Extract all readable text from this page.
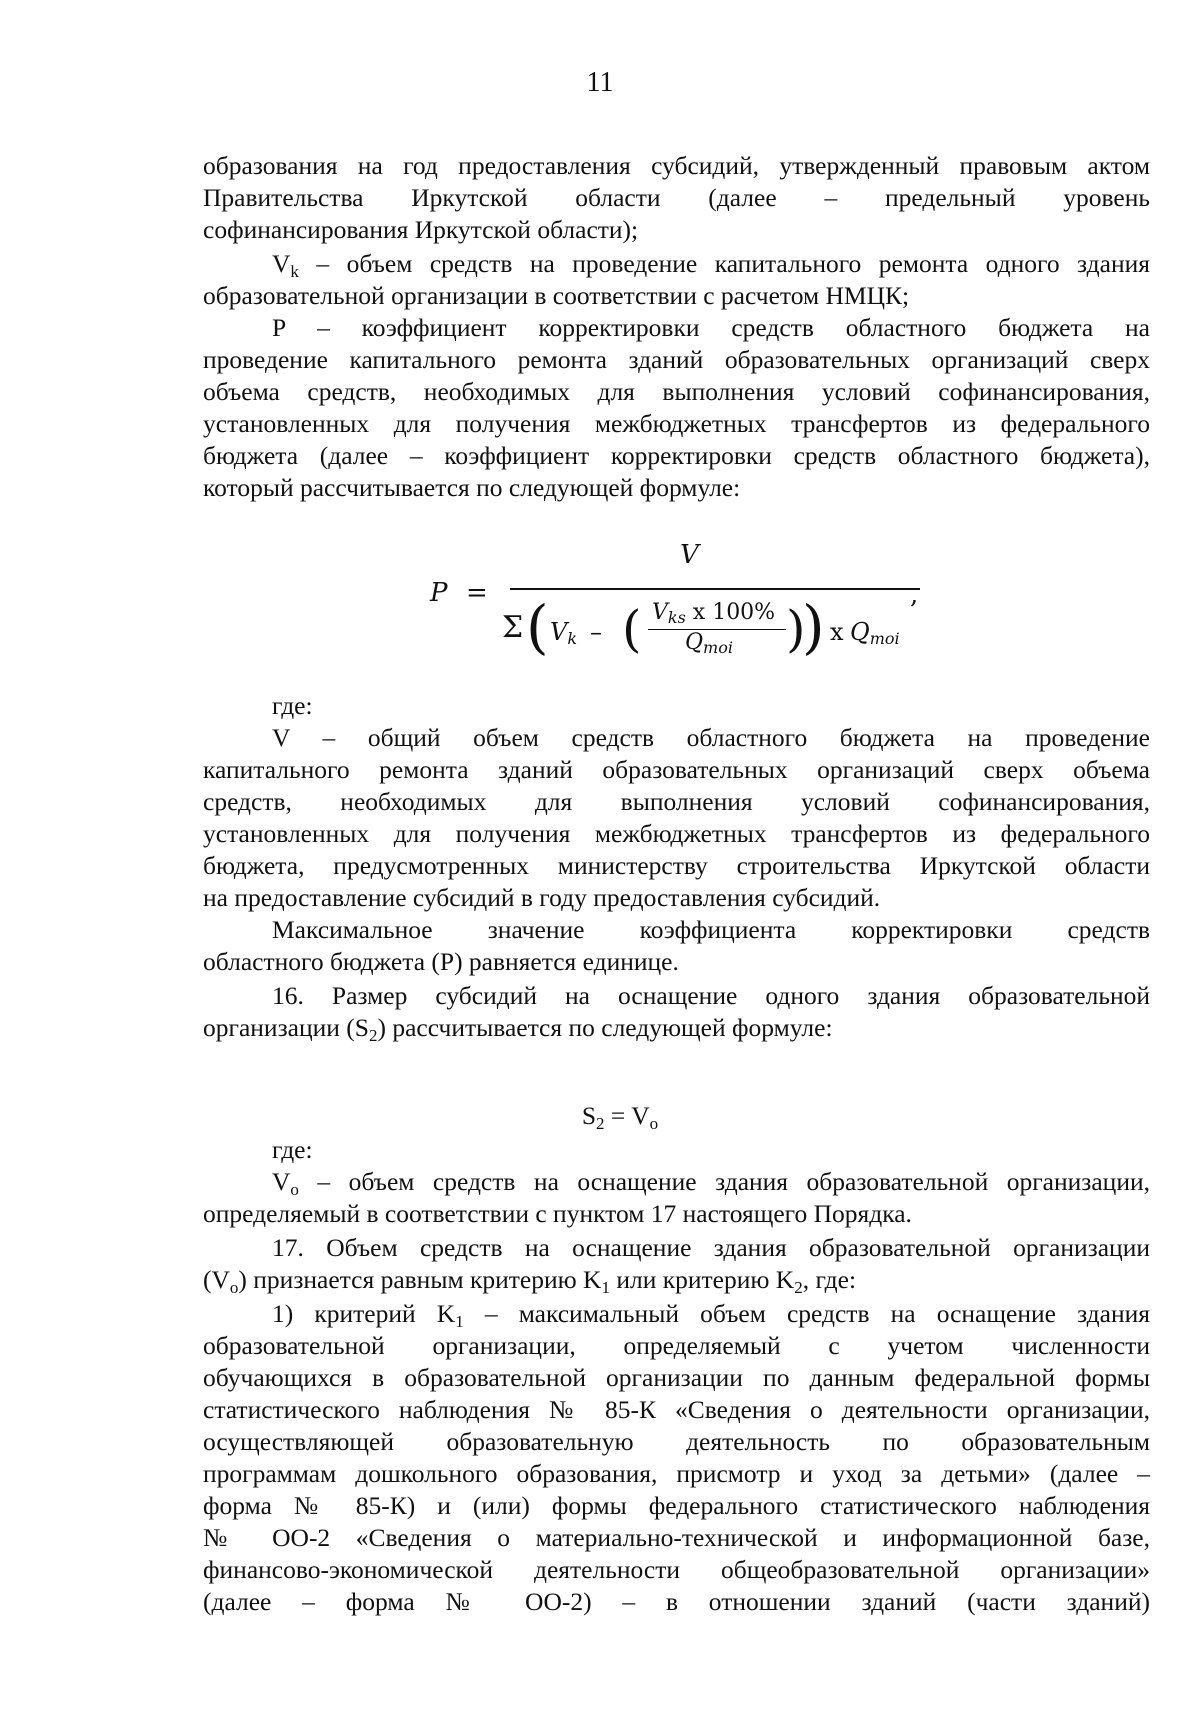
11
образования на год предоставления субсидий, утвержденный правовым актом
Правительства Иркутской области (далее – предельный уровень
софинансирования Иркутской области);
$V_k$ – объем средств на проведение капитального ремонта одного здания
образовательной организации в соответствии с расчетом НМЦК;
P – коэффициент корректировки средств областного бюджета на
проведение капитального ремонта зданий образовательных организаций сверх
объема средств, необходимых для выполнения условий софинансирования,
установленных для получения межбюджетных трансфертов из федерального
бюджета (далее – коэффициент корректировки средств областного бюджета),
который рассчитывается по следующей формуле:
P =
V
,
Σ ( Vk – ( Vks x 100%
Qmoi )
) x Qmoi
где:
V – общий объем средств областного бюджета на проведение
капитального ремонта зданий образовательных организаций сверх объема
средств, необходимых для выполнения условий софинансирования,
установленных для получения межбюджетных трансфертов из федерального
бюджета, предусмотренных министерству строительства Иркутской области
на предоставление субсидий в году предоставления субсидий.
Максимальное значение коэффициента корректировки средств
областного бюджета (Р) равняется единице.
16. Размер субсидий на оснащение одного здания образовательной
организации $(S_2)$ рассчитывается по следующей формуле:
$S_2 = V_o$
где:
$V_o$ – объем средств на оснащение здания образовательной организации,
определяемый в соответствии с пунктом 17 настоящего Порядка.
17. Объем средств на оснащение здания образовательной организации
$(V_o)$ признается равным критерию $K_1$ или критерию $K_2$, где:
1) критерий $K_1$ – максимальный объем средств на оснащение здания
образовательной организации, определяемый с учетом численности
обучающихся в образовательной организации по данным федеральной формы
статистического наблюдения № 85-К «Сведения о деятельности организации,
осуществляющей образовательную деятельность по образовательным
программам дошкольного образования, присмотр и уход за детьми» (далее –
форма № 85-К) и (или) формы федерального статистического наблюдения
№ ОО-2 «Сведения о материально-технической и информационной базе,
финансово-экономической деятельности общеобразовательной организации»
(далее – форма № ОО-2) – в отношении зданий (части зданий)
